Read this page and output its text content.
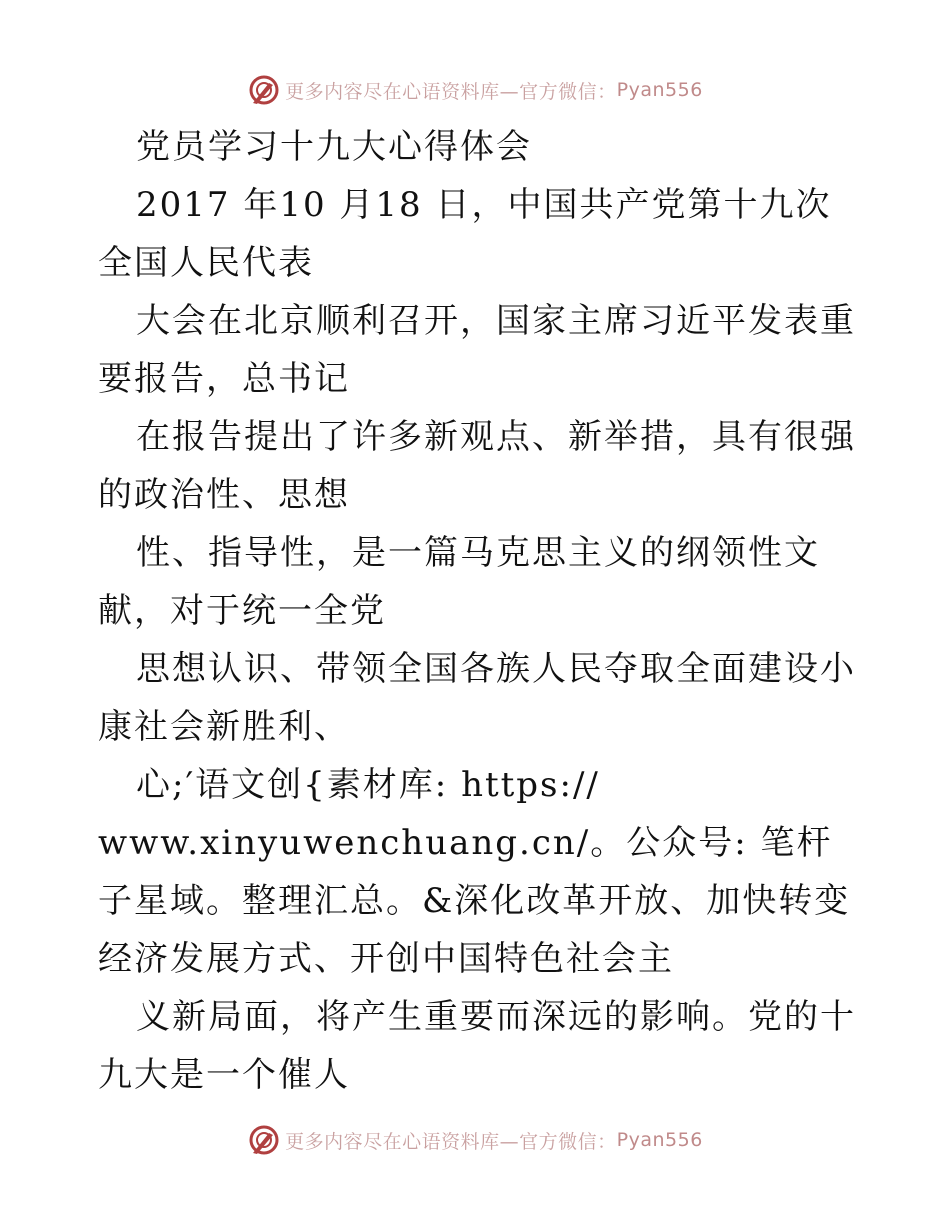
更多内容尽在心语资料库—官方微信： Pyan556

党员学习十九大心得体会

2017 年10 月18 日，中国共产党第十九次全国人民代表

大会在北京顺利召开，国家主席习近平发表重要报告，总书记

在报告提出了许多新观点、新举措，具有很强的政治性、思想

性、指导性，是一篇马克思主义的纲领性文献，对于统一全党

思想认识、带领全国各族人民夺取全面建设小康社会新胜利、

心;′语文创{素材库: https://

www.xinyuwenchuang.cn/。公众号: 笔杆子星域。整理汇总。&深化改革开放、加快转变经济发展方式、开创中国特色社会主

义新局面，将产生重要而深远的影响。党的十九大是一个催人

更多内容尽在心语资料库—官方微信： Pyan556
